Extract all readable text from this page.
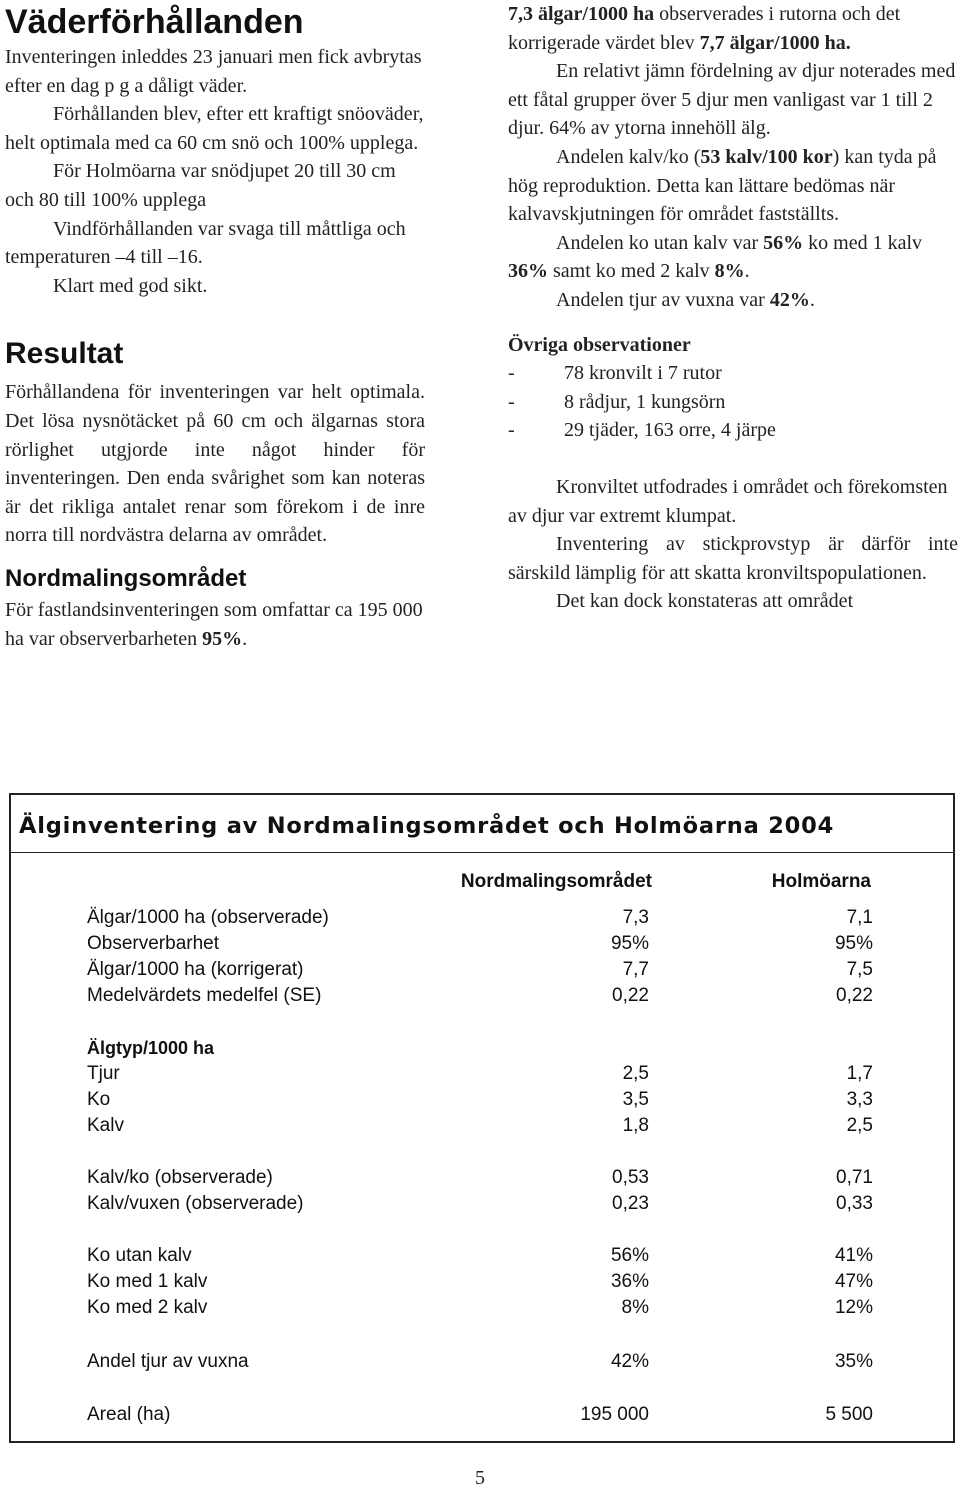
Väderförhållanden

Inventeringen inleddes 23 januari men fick avbrytas efter en dag p g a dåligt väder.

Förhållanden blev, efter ett kraftigt snöoväder, helt optimala med ca 60 cm snö och 100% upplega.

För Holmöarna var snödjupet 20 till 30 cm och 80 till 100% upplega

Vindförhållanden var svaga till måttliga och temperaturen –4 till –16.

Klart med god sikt.

Resultat

Förhållandena för inventeringen var helt optimala. Det lösa nysnötäcket på 60 cm och älgarnas stora rörlighet utgjorde inte något hinder för inventeringen. Den enda svårighet som kan noteras är det rikliga antalet renar som förekom i de inre norra till nordvästra delarna av området.

Nordmalingsområdet

För fastlandsinventeringen som omfattar ca 195 000 ha var observerbarheten 95%.

7,3 älgar/1000 ha observerades i rutorna och det korrigerade värdet blev 7,7 älgar/1000 ha.

En relativt jämn fördelning av djur noterades med ett fåtal grupper över 5 djur men vanligast var 1 till 2 djur. 64% av ytorna innehöll älg.

Andelen kalv/ko (53 kalv/100 kor) kan tyda på hög reproduktion. Detta kan lättare bedömas när kalvavskjutningen för området fastställts.

Andelen ko utan kalv var 56% ko med 1 kalv 36% samt ko med 2 kalv 8%.

Andelen tjur av vuxna var 42%.

Övriga observationer

-	78 kronvilt i 7 rutor
-	8 rådjur, 1 kungsörn
-	29 tjäder, 163 orre, 4 järpe

Kronviltet utfodrades i området och förekomsten av djur var extremt klumpat.

Inventering av stickprovstyp är därför inte särskild lämplig för att skatta kronviltspopulationen.

Det kan dock konstateras att området

Älginventering av Nordmalingsområdet och Holmöarna 2004
Nordmalingsområdet	Holmöarna
Älgar/1000 ha (observerade)	7,3	7,1
Observerbarhet	95%	95%
Älgar/1000 ha (korrigerat)	7,7	7,5
Medelvärdets medelfel (SE)	0,22	0,22
Älgtyp/1000 ha
Tjur	2,5	1,7
Ko	3,5	3,3
Kalv	1,8	2,5
Kalv/ko (observerade)	0,53	0,71
Kalv/vuxen (observerade)	0,23	0,33
Ko utan kalv	56%	41%
Ko med 1 kalv	36%	47%
Ko med 2 kalv	8%	12%
Andel tjur av vuxna	42%	35%
Areal (ha)	195 000	5 500
5
